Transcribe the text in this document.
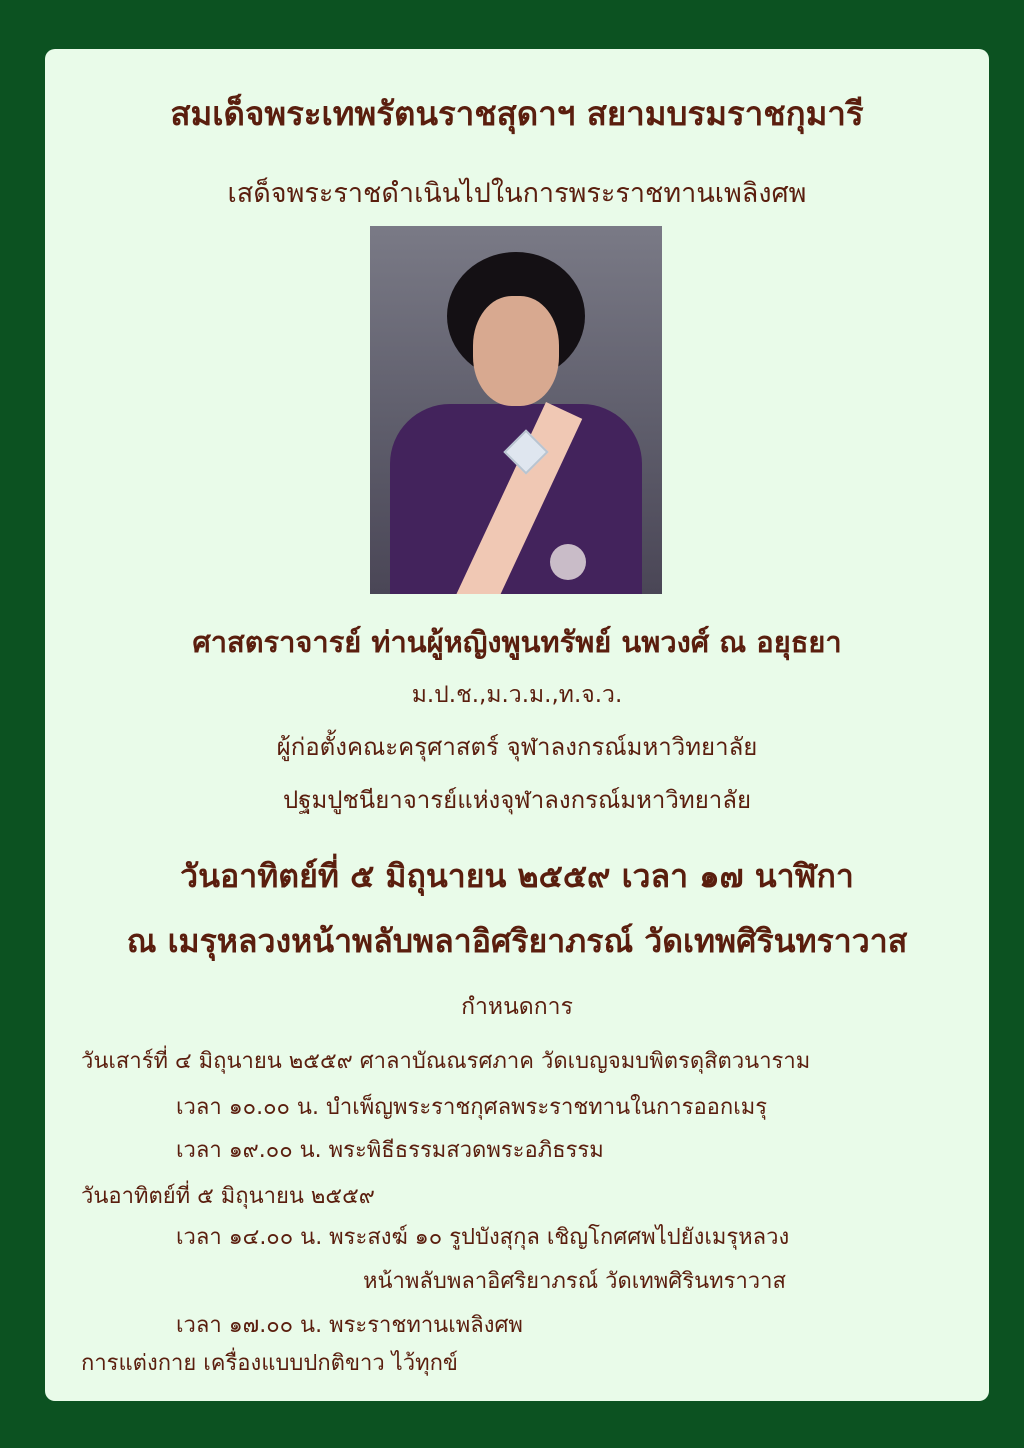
สมเด็จพระเทพรัตนราชสุดาฯ สยามบรมราชกุมารี
เสด็จพระราชดำเนินไปในการพระราชทานเพลิงศพ
ศาสตราจารย์ ท่านผู้หญิงพูนทรัพย์ นพวงศ์ ณ อยุธยา
ม.ป.ช.,ม.ว.ม.,ท.จ.ว.
ผู้ก่อตั้งคณะครุศาสตร์ จุฬาลงกรณ์มหาวิทยาลัย
ปฐมปูชนียาจารย์แห่งจุฬาลงกรณ์มหาวิทยาลัย
วันอาทิตย์ที่ ๕ มิถุนายน ๒๕๕๙ เวลา ๑๗ นาฬิกา
ณ เมรุหลวงหน้าพลับพลาอิศริยาภรณ์ วัดเทพศิรินทราวาส
กำหนดการ
วันเสาร์ที่ ๔ มิถุนายน ๒๕๕๙ ศาลาบัณณรศภาค วัดเบญจมบพิตรดุสิตวนาราม
เวลา ๑๐.๐๐ น. บำเพ็ญพระราชกุศลพระราชทานในการออกเมรุ
เวลา ๑๙.๐๐ น. พระพิธีธรรมสวดพระอภิธรรม
วันอาทิตย์ที่ ๕ มิถุนายน ๒๕๕๙
เวลา ๑๔.๐๐ น. พระสงฆ์ ๑๐ รูปบังสุกุล เชิญโกศศพไปยังเมรุหลวง
หน้าพลับพลาอิศริยาภรณ์ วัดเทพศิรินทราวาส
เวลา ๑๗.๐๐ น. พระราชทานเพลิงศพ
การแต่งกาย เครื่องแบบปกติขาว ไว้ทุกข์
